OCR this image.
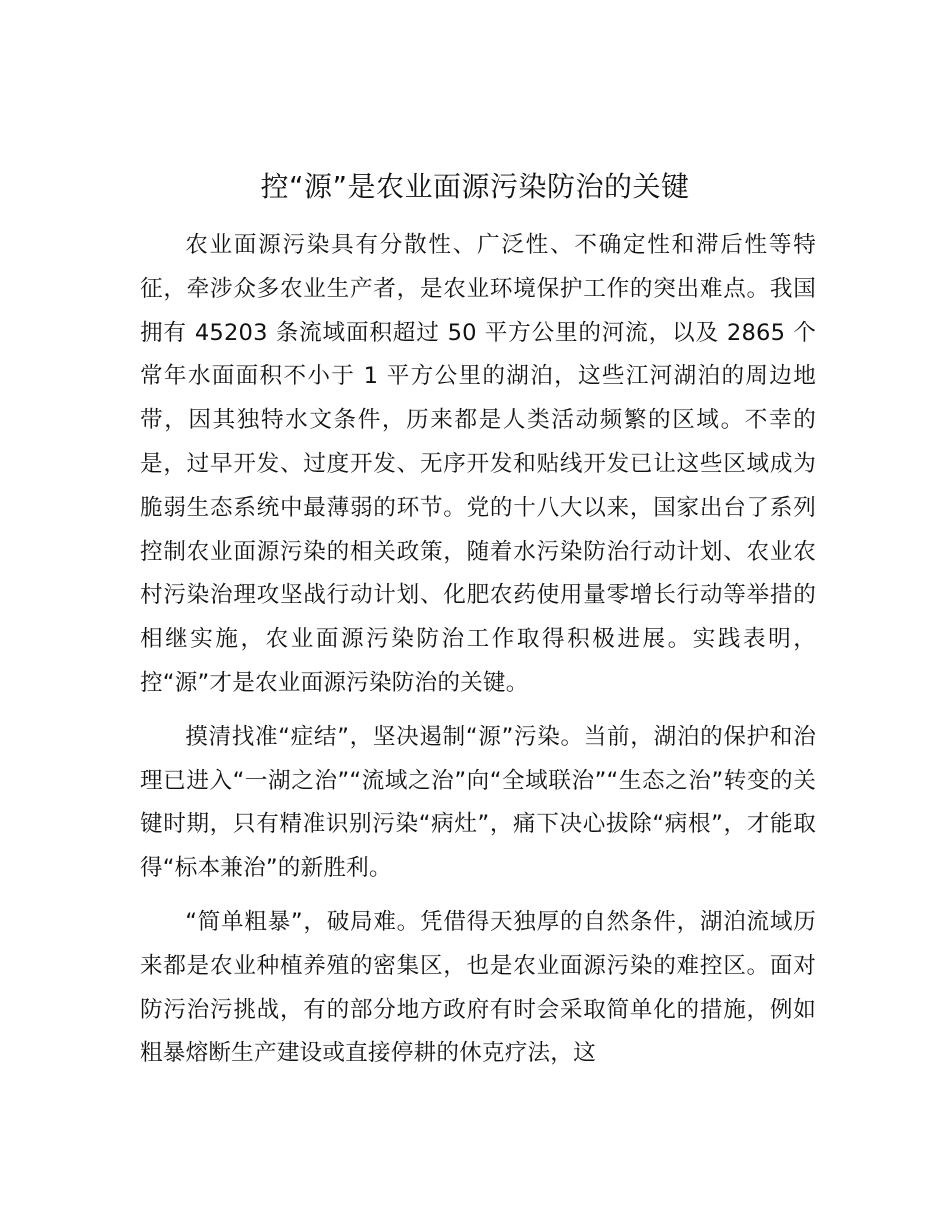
控“源”是农业面源污染防治的关键

农业面源污染具有分散性、广泛性、不确定性和滞后性等特征，牵涉众多农业生产者，是农业环境保护工作的突出难点。我国拥有 45203 条流域面积超过 50 平方公里的河流，以及 2865 个常年水面面积不小于 1 平方公里的湖泊，这些江河湖泊的周边地带，因其独特水文条件，历来都是人类活动频繁的区域。不幸的是，过早开发、过度开发、无序开发和贴线开发已让这些区域成为脆弱生态系统中最薄弱的环节。党的十八大以来，国家出台了系列控制农业面源污染的相关政策，随着水污染防治行动计划、农业农村污染治理攻坚战行动计划、化肥农药使用量零增长行动等举措的相继实施，农业面源污染防治工作取得积极进展。实践表明，控“源”才是农业面源污染防治的关键。

摸清找准“症结”，坚决遏制“源”污染。当前，湖泊的保护和治理已进入“一湖之治”“流域之治”向“全域联治”“生态之治”转变的关键时期，只有精准识别污染“病灶”，痛下决心拔除“病根”，才能取得“标本兼治”的新胜利。

“简单粗暴”，破局难。凭借得天独厚的自然条件，湖泊流域历来都是农业种植养殖的密集区，也是农业面源污染的难控区。面对防污治污挑战，有的部分地方政府有时会采取简单化的措施，例如粗暴熔断生产建设或直接停耕的休克疗法，这
